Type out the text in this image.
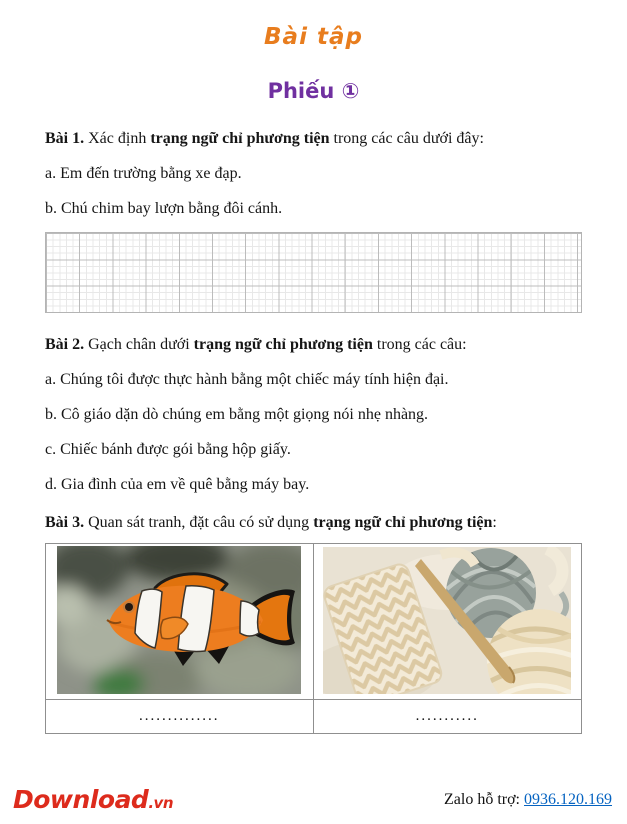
Bài tập
Phiếu ①

Bài 1. Xác định trạng ngữ chỉ phương tiện trong các câu dưới đây:

a. Em đến trường bằng xe đạp.

b. Chú chim bay lượn bằng đôi cánh.

Bài 2. Gạch chân dưới trạng ngữ chỉ phương tiện trong các câu:

a. Chúng tôi được thực hành bằng một chiếc máy tính hiện đại.

b. Cô giáo dặn dò chúng em bằng một giọng nói nhẹ nhàng.

c. Chiếc bánh được gói bằng hộp giấy.

d. Gia đình của em về quê bằng máy bay.

Bài 3. Quan sát tranh, đặt câu có sử dụng trạng ngữ chỉ phương tiện:

..............	...........
Download.vn	Zalo hỗ trợ: 0936.120.169
